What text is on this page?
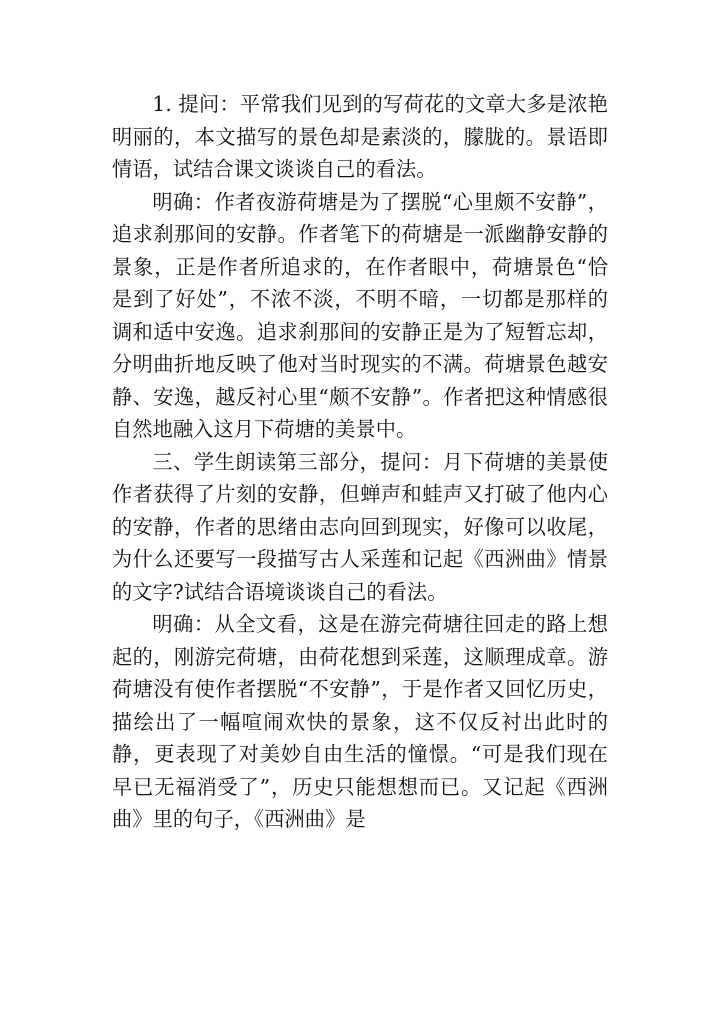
1. 提问：平常我们见到的写荷花的文章大多是浓艳明丽的，本文描写的景色却是素淡的，朦胧的。景语即情语，试结合课文谈谈自己的看法。

明确：作者夜游荷塘是为了摆脱“心里颇不安静”，追求刹那间的安静。作者笔下的荷塘是一派幽静安静的景象，正是作者所追求的，在作者眼中，荷塘景色“恰是到了好处”，不浓不淡，不明不暗，一切都是那样的调和适中安逸。追求刹那间的安静正是为了短暂忘却，分明曲折地反映了他对当时现实的不满。荷塘景色越安静、安逸，越反衬心里“颇不安静”。作者把这种情感很自然地融入这月下荷塘的美景中。

三、学生朗读第三部分，提问：月下荷塘的美景使作者获得了片刻的安静，但蝉声和蛙声又打破了他内心的安静，作者的思绪由志向回到现实，好像可以收尾，为什么还要写一段描写古人采莲和记起《西洲曲》情景的文字?试结合语境谈谈自己的看法。

明确：从全文看，这是在游完荷塘往回走的路上想起的，刚游完荷塘，由荷花想到采莲，这顺理成章。游荷塘没有使作者摆脱“不安静”，于是作者又回忆历史，描绘出了一幅喧闹欢快的景象，这不仅反衬出此时的静，更表现了对美妙自由生活的憧憬。“可是我们现在早已无福消受了”，历史只能想想而已。又记起《西洲曲》里的句子，《西洲曲》是
